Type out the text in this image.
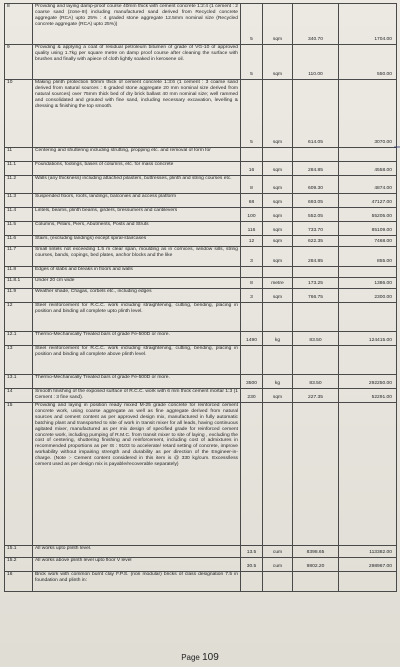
8	Providing and laying damp-proof course 40mm thick with cement concrete 1:2:4 (1 cement : 2 coarse sand (zone-III) including manufactured sand derived from Recycled concrete aggregate (RCA) upto 25% : 4 graded stone aggregate 12.5mm nominal size (Recycled concrete aggregate (RCA) upto 25%))	5	sqm	340.70	1704.00
9	Providing & applying a coat of residual petroleum bitumen of grade of VG-10 of approved quality using 1.7kg per square metre on damp proof course after cleaning the surface with brushes and finally with apiece of cloth lightly soaked in kerosene oil.	5	sqm	110.00	550.00
10	Making plinth protection 50mm thick of cement concrete 1:3:6 (1 cement : 3 coarse sand derived from natural sources : 6 graded stone aggregate 20 mm nominal size derived from natural sources) over 75mm thick bed of dry brick ballast 40 mm nominal size; well rammed and consolidated and grouted with fine sand, including necessary excavation, levelling & dressing & finishing the top smooth.	5	sqm	614.05	3070.00
11	Centering and shuttering including strutting, propping etc. and removal of form for				
11.1	Foundations, footings, bases of columns, etc. for mass concrete	16	sqm	284.85	4558.00
11.2	Walls (any thickness) including attached pilasters, buttresses, plinth and string courses etc.	8	sqm	609.30	4874.00
11.3	Suspended floors, roofs, landings, balconies and access platform	68	sqm	693.05	47127.00
11.4	Lintels, beams, plinth beams, girders, bressumers and cantilevers	100	sqm	552.05	55205.00
11.5	Columns, Pillars, Piers, Abutments, Posts and Struts	116	sqm	733.70	85109.00
11.6	Stairs, (excluding landings) except spiral-staircases	12	sqm	622.35	7468.00
11.7	Small lintels not exceeding 1.5 m clear span, moulding as in cornices, window sills, string courses, bands, copings, bed plates, anchor blocks and the like	3	sqm	284.85	855.00
11.8	Edges of slabs and breaks in floors and walls				
11.8.1	Under 20 cm wide	8	metre	173.25	1386.00
11.9	Weather shade, Chajjas, corbels etc., including edges	3	sqm	766.75	2300.00
12	Steel reinforcement for R.C.C. work including straightening, cutting, bending, placing in position and binding all complete upto plinth level.				
12.1	Thermo-Mechanically Treated bars of grade Fe-500D or more.	1490	kg	83.50	124415.00
13	Steel reinforcement for R.C.C. work including straightening, cutting, bending, placing in position and binding all complete above plinth level.				
13.1	Thermo-Mechanically Treated bars of grade Fe-500D or more.	3500	kg	83.50	292250.00
14	Smooth finishing of the exposed surface of R.C.C. work with 6 mm thick cement mortar 1:3 (1 Cement : 3 fine sand).	230	sqm	227.35	52291.00
15	Providing and laying in position ready mixed M-25 grade concrete for reinforced cement concrete work, using coarse aggregate as well as fine aggregate derived from natural sources and cement content as per approved design mix, manufactured in fully automatic batching plant and transported to site of work in transit mixer for all leads, having continuous agitated mixer, manufactured as per mix design of specified grade for reinforced cement concrete work, including pumping of R.M.C. from transit mixer to site of laying , excluding the cost of centering, shuttering finishing and reinforcement, including cost of admixtures in recommended proportions as per IS : 9103 to accelerate/ retard setting of concrete, improve workability without impairing strength and durability as per direction of the Engineer-in-charge. (Note :- Cement content considered in this item is @ 330 kg/cum. Excess/less cement used as per design mix is payable/recoverable separately)				
15.1	All works upto plinth level.	13.5	cum	8398.65	113382.00
15.2	All works above plinth level upto floor V level	30.5	cum	9802.20	298967.00
16	Brick work with common burnt clay F.P.S. (non modular) bricks of class designation 7.5 in foundation and plinth in:				
Page 109
